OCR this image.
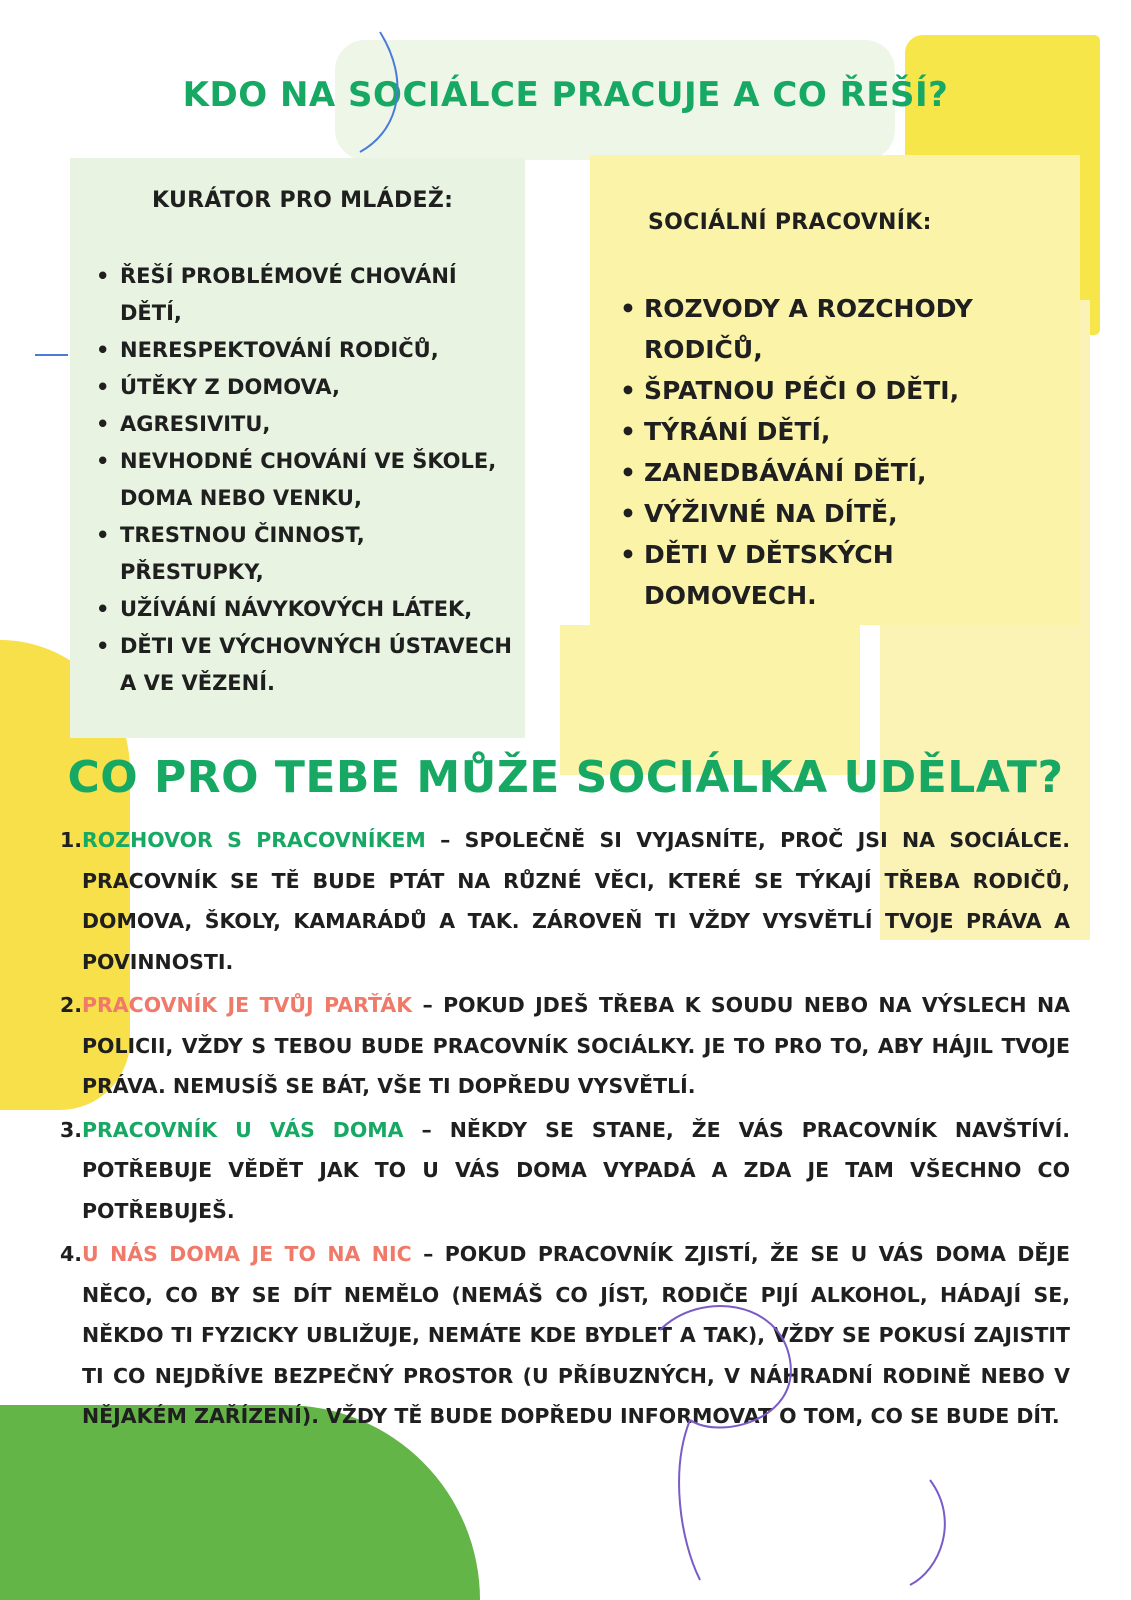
KDO NA SOCIÁLCE PRACUJE A CO ŘEŠÍ?
KURÁTOR PRO MLÁDEŽ:
• ŘEŠÍ PROBLÉMOVÉ CHOVÁNÍ DĚTÍ,
• NERESPEKTOVÁNÍ RODIČŮ,
• ÚTĚKY Z DOMOVA,
• AGRESIVITU,
• NEVHODNÉ CHOVÁNÍ VE ŠKOLE, DOMA NEBO VENKU,
• TRESTNOU ČINNOST, PŘESTUPKY,
• UŽÍVÁNÍ NÁVYKOVÝCH LÁTEK,
• DĚTI VE VÝCHOVNÝCH ÚSTAVECH A VE VĚZENÍ.
SOCIÁLNÍ PRACOVNÍK:
• ROZVODY A ROZCHODY RODIČŮ,
• ŠPATNOU PÉČI O DĚTI,
• TÝRÁNÍ DĚTÍ,
• ZANEDBÁVÁNÍ DĚTÍ,
• VÝŽIVNÉ NA DÍTĚ,
• DĚTI V DĚTSKÝCH DOMOVECH.
CO PRO TEBE MŮŽE SOCIÁLKA UDĚLAT?
1. ROZHOVOR S PRACOVNÍKEM – SPOLEČNĚ SI VYJASNÍTE, PROČ JSI NA SOCIÁLCE. PRACOVNÍK SE TĚ BUDE PTÁT NA RŮZNÉ VĚCI, KTERÉ SE TÝKAJÍ TŘEBA RODIČŮ, DOMOVA, ŠKOLY, KAMARÁDŮ A TAK. ZÁROVEŇ TI VŽDY VYSVĚTLÍ TVOJE PRÁVA A POVINNOSTI.
2. PRACOVNÍK JE TVŮJ PARŤÁK – POKUD JDEŠ TŘEBA K SOUDU NEBO NA VÝSLECH NA POLICII, VŽDY S TEBOU BUDE PRACOVNÍK SOCIÁLKY. JE TO PRO TO, ABY HÁJIL TVOJE PRÁVA. NEMUSÍŠ SE BÁT, VŠE TI DOPŘEDU VYSVĚTLÍ.
3. PRACOVNÍK U VÁS DOMA – NĚKDY SE STANE, ŽE VÁS PRACOVNÍK NAVŠTÍVÍ. POTŘEBUJE VĚDĚT JAK TO U VÁS DOMA VYPADÁ A ZDA JE TAM VŠECHNO CO POTŘEBUJEŠ.
4. U NÁS DOMA JE TO NA NIC – POKUD PRACOVNÍK ZJISTÍ, ŽE SE U VÁS DOMA DĚJE NĚCO, CO BY SE DÍT NEMĚLO (NEMÁŠ CO JÍST, RODIČE PIJÍ ALKOHOL, HÁDAJÍ SE, NĚKDO TI FYZICKY UBLIŽUJE, NEMÁTE KDE BYDLET A TAK), VŽDY SE POKUSÍ ZAJISTIT TI CO NEJDŘÍVE BEZPEČNÝ PROSTOR (U PŘÍBUZNÝCH, V NÁHRADNÍ RODINĚ NEBO V NĚJAKÉM ZAŘÍZENÍ). VŽDY TĚ BUDE DOPŘEDU INFORMOVAT O TOM, CO SE BUDE DÍT.
